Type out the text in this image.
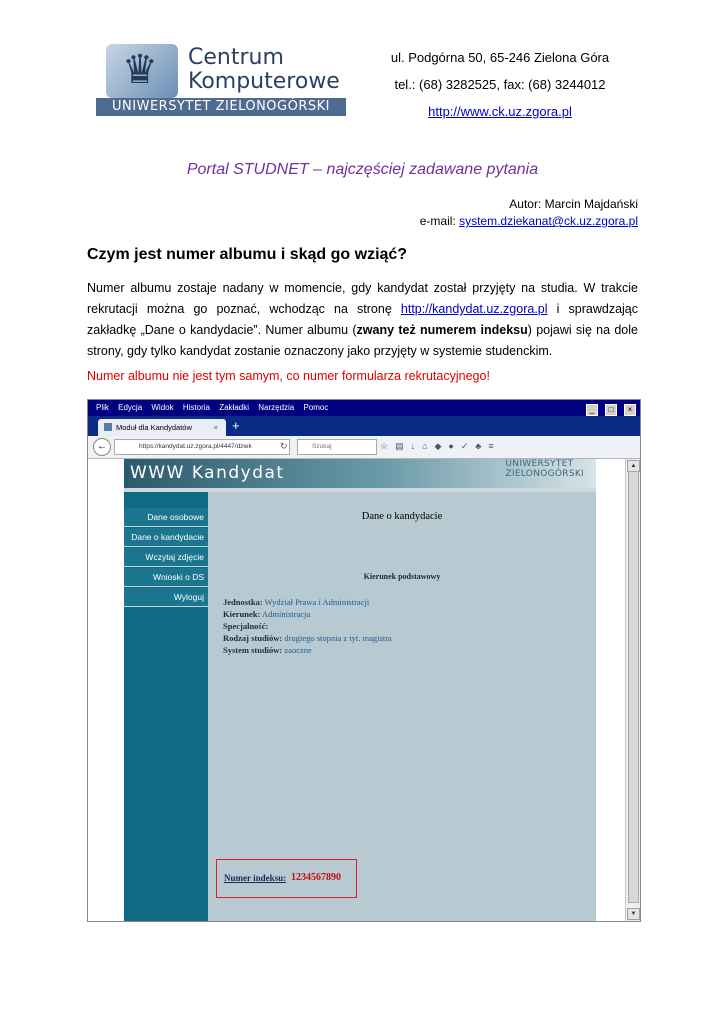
♛ Centrum
Komputerowe
UNIWERSYTET ZIELONOGÓRSKI
ul. Podgórna 50, 65-246 Zielona Góra
tel.: (68) 3282525, fax: (68) 3244012
http://www.ck.uz.zgora.pl
Portal STUDNET – najczęściej zadawane pytania
Autor: Marcin Majdański
e-mail: system.dziekanat@ck.uz.zgora.pl
Czym jest numer albumu i skąd go wziąć?
Numer albumu zostaje nadany w momencie, gdy kandydat został przyjęty na studia. W trakcie rekrutacji można go poznać, wchodząc na stronę http://kandydat.uz.zgora.pl i sprawdzając zakładkę „Dane o kandydacie”. Numer albumu (zwany też numerem indeksu) pojawi się na dole strony, gdy tylko kandydat zostanie oznaczony jako przyjęty w systemie studenckim.
Numer albumu nie jest tym samym, co numer formularza rekrutacyjnego!
Plik Edycja Widok Historia Zakładki Narzędzia Pomoc	_ □ ×
Moduł dla Kandydatów	× +
←	https://kandydat.uz.zgora.pl/4447/dziek	↻	Szukaj	☆▤↓⌂◆●✓♣≡
WWW Kandydat	UNIWERSYTET
ZIELONOGÓRSKI
Dane osobowe
Dane o kandydacie
Wczytaj zdjęcie
Wnioski o DS
Wyloguj
Dane o kandydacie
Kierunek podstawowy
Jednostka: Wydział Prawa i Administracji
Kierunek: Administracja
Specjalność:
Rodzaj studiów: drugiego stopnia z tyt. magistra
System studiów: zaoczne
Numer indeksu: 1234567890
▲
▼
